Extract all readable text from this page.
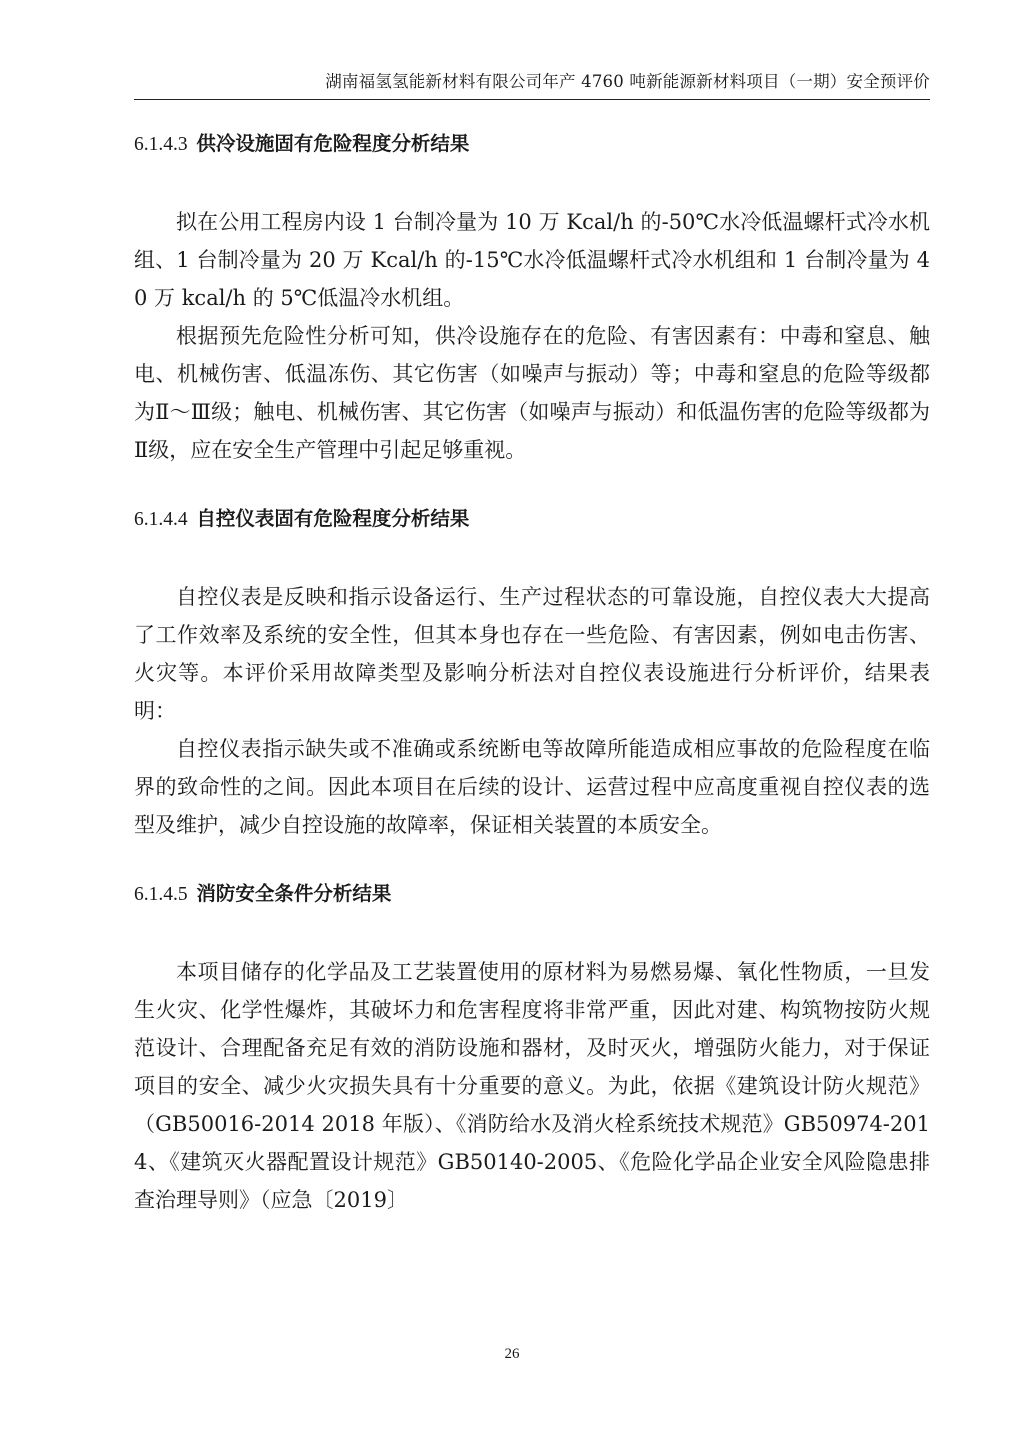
湖南福氢氢能新材料有限公司年产 4760 吨新能源新材料项目（一期）安全预评价
6.1.4.3 供冷设施固有危险程度分析结果

拟在公用工程房内设 1 台制冷量为 10 万 Kcal/h 的-50℃水冷低温螺杆式冷水机组、1 台制冷量为 20 万 Kcal/h 的-15℃水冷低温螺杆式冷水机组和 1 台制冷量为 40 万 kcal/h 的 5℃低温冷水机组。

根据预先危险性分析可知，供冷设施存在的危险、有害因素有：中毒和窒息、触电、机械伤害、低温冻伤、其它伤害（如噪声与振动）等；中毒和窒息的危险等级都为Ⅱ～Ⅲ级；触电、机械伤害、其它伤害（如噪声与振动）和低温伤害的危险等级都为Ⅱ级，应在安全生产管理中引起足够重视。

6.1.4.4 自控仪表固有危险程度分析结果

自控仪表是反映和指示设备运行、生产过程状态的可靠设施，自控仪表大大提高了工作效率及系统的安全性，但其本身也存在一些危险、有害因素，例如电击伤害、火灾等。本评价采用故障类型及影响分析法对自控仪表设施进行分析评价，结果表明：

自控仪表指示缺失或不准确或系统断电等故障所能造成相应事故的危险程度在临界的致命性的之间。因此本项目在后续的设计、运营过程中应高度重视自控仪表的选型及维护，减少自控设施的故障率，保证相关装置的本质安全。

6.1.4.5 消防安全条件分析结果

本项目储存的化学品及工艺装置使用的原材料为易燃易爆、氧化性物质，一旦发生火灾、化学性爆炸，其破坏力和危害程度将非常严重，因此对建、构筑物按防火规范设计、合理配备充足有效的消防设施和器材，及时灭火，增强防火能力，对于保证项目的安全、减少火灾损失具有十分重要的意义。为此，依据《建筑设计防火规范》（GB50016-2014 2018 年版）、《消防给水及消火栓系统技术规范》GB50974-2014、《建筑灭火器配置设计规范》GB50140-2005、《危险化学品企业安全风险隐患排查治理导则》（应急〔2019〕

26
